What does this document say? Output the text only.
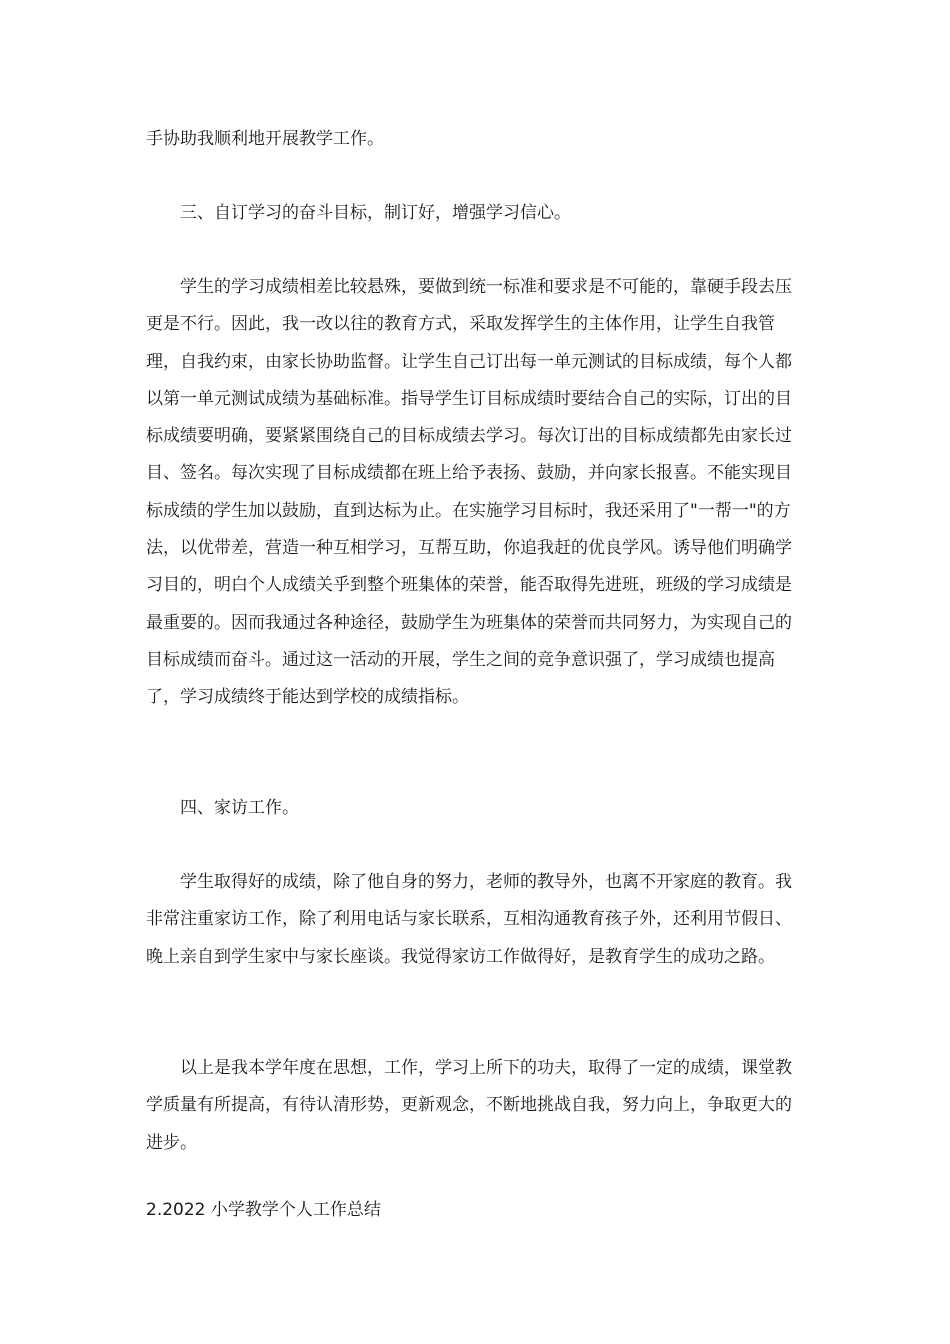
手协助我顺利地开展教学工作。

三、自订学习的奋斗目标，制订好，增强学习信心。

学生的学习成绩相差比较悬殊，要做到统一标准和要求是不可能的，靠硬手段去压更是不行。因此，我一改以往的教育方式，采取发挥学生的主体作用，让学生自我管理，自我约束，由家长协助监督。让学生自己订出每一单元测试的目标成绩，每个人都以第一单元测试成绩为基础标准。指导学生订目标成绩时要结合自己的实际，订出的目标成绩要明确，要紧紧围绕自己的目标成绩去学习。每次订出的目标成绩都先由家长过目、签名。每次实现了目标成绩都在班上给予表扬、鼓励，并向家长报喜。不能实现目标成绩的学生加以鼓励，直到达标为止。在实施学习目标时，我还采用了"一帮一"的方法，以优带差，营造一种互相学习，互帮互助，你追我赶的优良学风。诱导他们明确学习目的，明白个人成绩关乎到整个班集体的荣誉，能否取得先进班，班级的学习成绩是最重要的。因而我通过各种途径，鼓励学生为班集体的荣誉而共同努力，为实现自己的目标成绩而奋斗。通过这一活动的开展，学生之间的竞争意识强了，学习成绩也提高了，学习成绩终于能达到学校的成绩指标。

四、家访工作。

学生取得好的成绩，除了他自身的努力，老师的教导外，也离不开家庭的教育。我非常注重家访工作，除了利用电话与家长联系，互相沟通教育孩子外，还利用节假日、晚上亲自到学生家中与家长座谈。我觉得家访工作做得好，是教育学生的成功之路。

以上是我本学年度在思想，工作，学习上所下的功夫，取得了一定的成绩，课堂教学质量有所提高，有待认清形势，更新观念，不断地挑战自我，努力向上，争取更大的进步。

2.2022 小学教学个人工作总结
